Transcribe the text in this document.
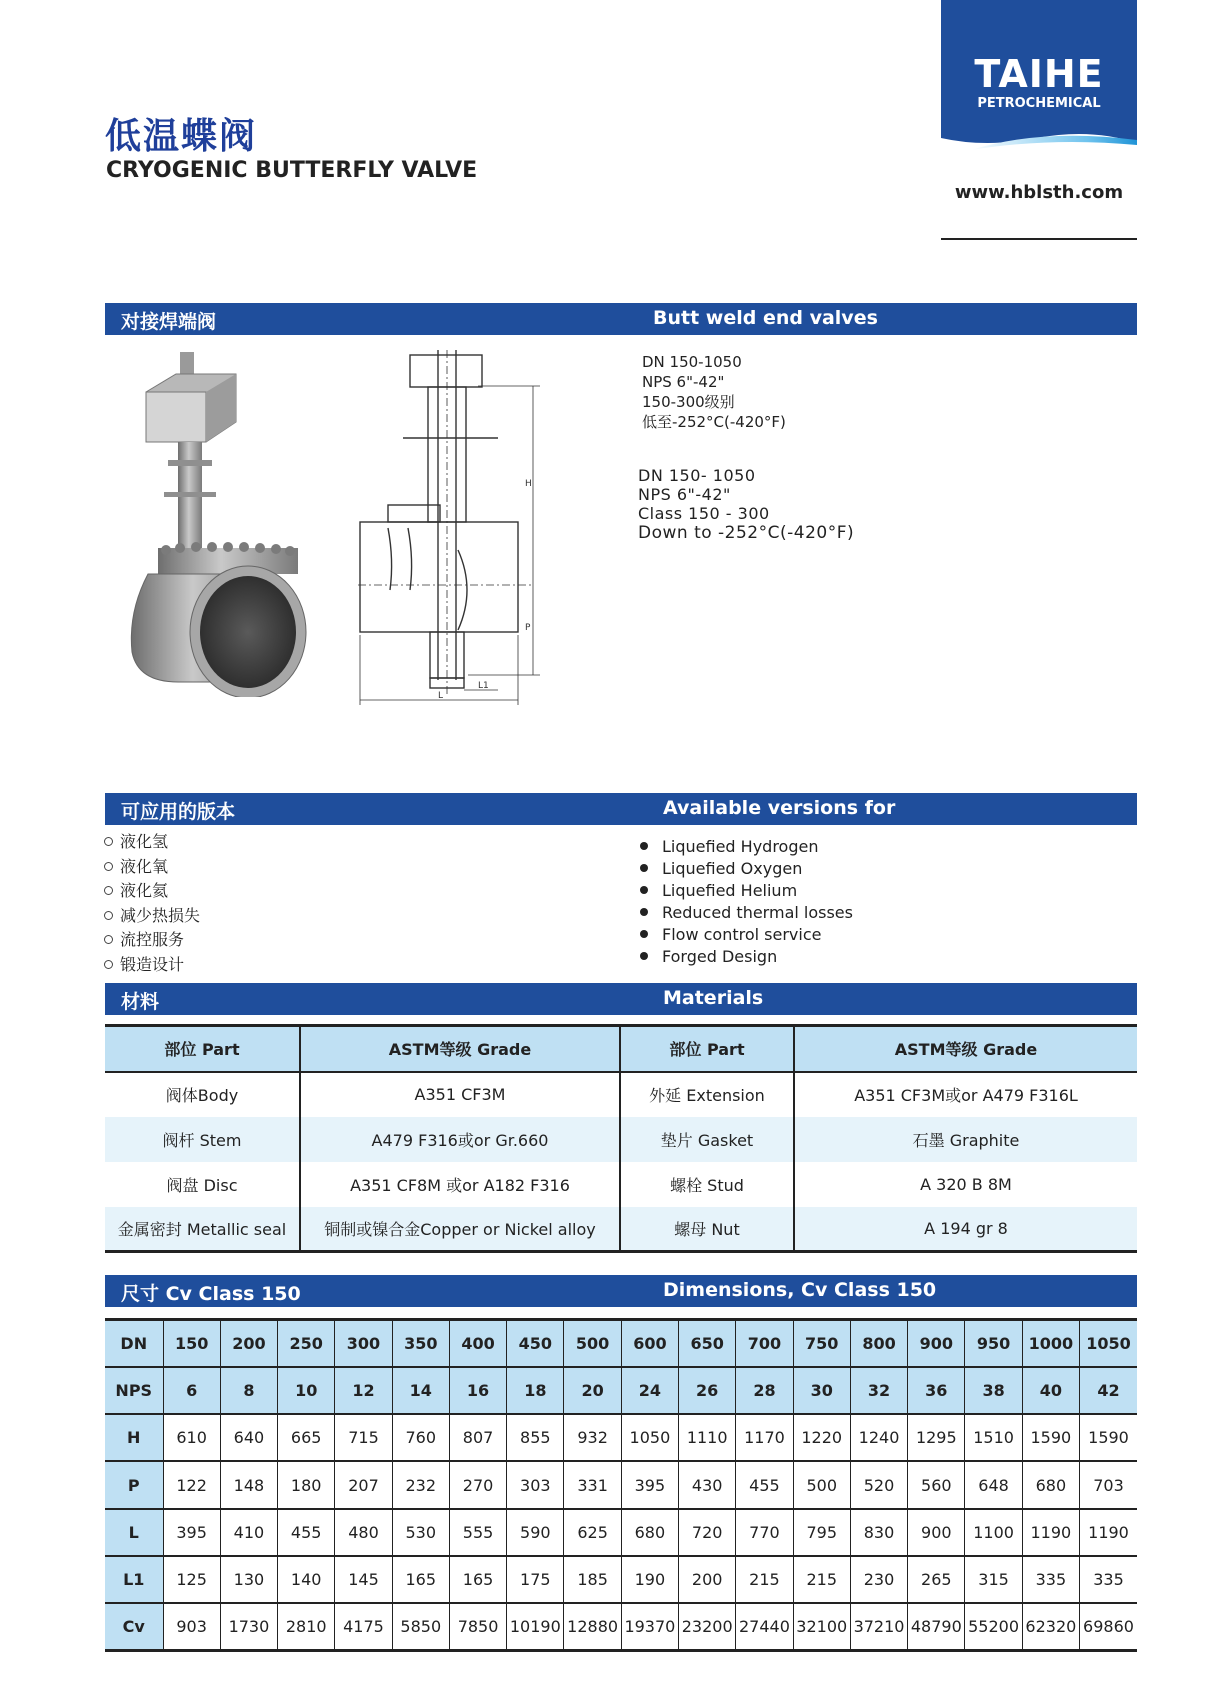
低温蝶阀
CRYOGENIC BUTTERFLY VALVE
TAIHE
PETROCHEMICAL
www.hblsth.com
对接焊端阀	Butt weld end valves
H
P
L
L1
DN 150-1050
NPS 6"-42"
150-300级别
低至-252°C(-420°F)
DN 150- 1050
NPS 6"-42"
Class 150 - 300
Down to -252°C(-420°F)
可应用的版本	Available versions for
液化氢
液化氧
液化氦
减少热损失
流控服务
锻造设计
Liquefied Hydrogen
Liquefied Oxygen
Liquefied Helium
Reduced thermal losses
Flow control service
Forged Design
材料	Materials
部位 Part	ASTM等级 Grade	部位 Part	ASTM等级 Grade
阀体Body	A351 CF3M	外延 Extension	A351 CF3M或or A479 F316L
阀杆 Stem	A479 F316或or Gr.660	垫片 Gasket	石墨 Graphite
阀盘 Disc	A351 CF8M 或or A182 F316	螺栓 Stud	A 320 B 8M
金属密封 Metallic seal	铜制或镍合金Copper or Nickel alloy	螺母 Nut	A 194 gr 8
尺寸 Cv Class 150	Dimensions, Cv Class 150
DN	150	200	250	300	350	400	450	500	600	650	700	750	800	900	950	1000	1050
NPS	6	8	10	12	14	16	18	20	24	26	28	30	32	36	38	40	42
H	610	640	665	715	760	807	855	932	1050	1110	1170	1220	1240	1295	1510	1590	1590
P	122	148	180	207	232	270	303	331	395	430	455	500	520	560	648	680	703
L	395	410	455	480	530	555	590	625	680	720	770	795	830	900	1100	1190	1190
L1	125	130	140	145	165	165	175	185	190	200	215	215	230	265	315	335	335
Cv	903	1730	2810	4175	5850	7850	10190	12880	19370	23200	27440	32100	37210	48790	55200	62320	69860
